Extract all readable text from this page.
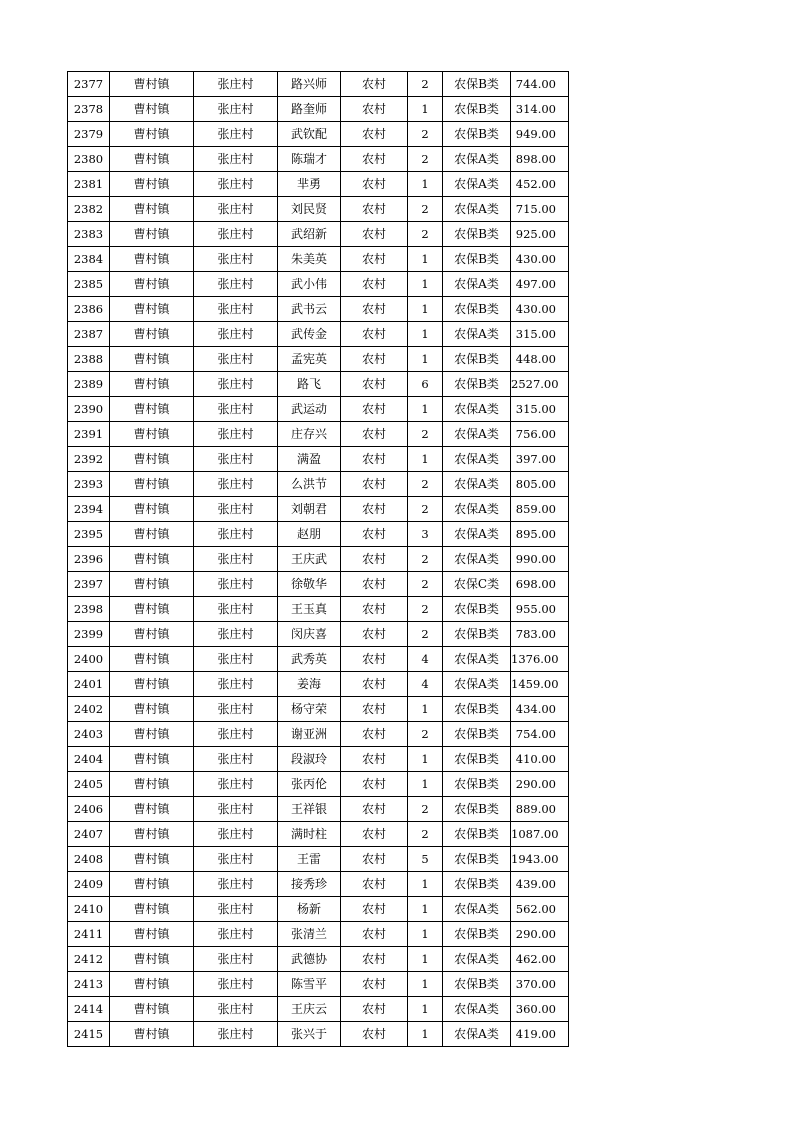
2377	曹村镇	张庄村	路兴师	农村	2	农保B类	744.00
2378	曹村镇	张庄村	路奎师	农村	1	农保B类	314.00
2379	曹村镇	张庄村	武钦配	农村	2	农保B类	949.00
2380	曹村镇	张庄村	陈瑞才	农村	2	农保A类	898.00
2381	曹村镇	张庄村	芈勇	农村	1	农保A类	452.00
2382	曹村镇	张庄村	刘民贤	农村	2	农保A类	715.00
2383	曹村镇	张庄村	武绍新	农村	2	农保B类	925.00
2384	曹村镇	张庄村	朱美英	农村	1	农保B类	430.00
2385	曹村镇	张庄村	武小伟	农村	1	农保A类	497.00
2386	曹村镇	张庄村	武书云	农村	1	农保B类	430.00
2387	曹村镇	张庄村	武传金	农村	1	农保A类	315.00
2388	曹村镇	张庄村	孟宪英	农村	1	农保B类	448.00
2389	曹村镇	张庄村	路飞	农村	6	农保B类	2527.00
2390	曹村镇	张庄村	武运动	农村	1	农保A类	315.00
2391	曹村镇	张庄村	庄存兴	农村	2	农保A类	756.00
2392	曹村镇	张庄村	满盈	农村	1	农保A类	397.00
2393	曹村镇	张庄村	么洪节	农村	2	农保A类	805.00
2394	曹村镇	张庄村	刘朝君	农村	2	农保A类	859.00
2395	曹村镇	张庄村	赵朋	农村	3	农保A类	895.00
2396	曹村镇	张庄村	王庆武	农村	2	农保A类	990.00
2397	曹村镇	张庄村	徐敬华	农村	2	农保C类	698.00
2398	曹村镇	张庄村	王玉真	农村	2	农保B类	955.00
2399	曹村镇	张庄村	闵庆喜	农村	2	农保B类	783.00
2400	曹村镇	张庄村	武秀英	农村	4	农保A类	1376.00
2401	曹村镇	张庄村	姜海	农村	4	农保A类	1459.00
2402	曹村镇	张庄村	杨守荣	农村	1	农保B类	434.00
2403	曹村镇	张庄村	谢亚洲	农村	2	农保B类	754.00
2404	曹村镇	张庄村	段淑玲	农村	1	农保B类	410.00
2405	曹村镇	张庄村	张丙伦	农村	1	农保B类	290.00
2406	曹村镇	张庄村	王祥银	农村	2	农保B类	889.00
2407	曹村镇	张庄村	满时柱	农村	2	农保B类	1087.00
2408	曹村镇	张庄村	王雷	农村	5	农保B类	1943.00
2409	曹村镇	张庄村	接秀珍	农村	1	农保B类	439.00
2410	曹村镇	张庄村	杨新	农村	1	农保A类	562.00
2411	曹村镇	张庄村	张清兰	农村	1	农保B类	290.00
2412	曹村镇	张庄村	武德协	农村	1	农保A类	462.00
2413	曹村镇	张庄村	陈雪平	农村	1	农保B类	370.00
2414	曹村镇	张庄村	王庆云	农村	1	农保A类	360.00
2415	曹村镇	张庄村	张兴于	农村	1	农保A类	419.00
